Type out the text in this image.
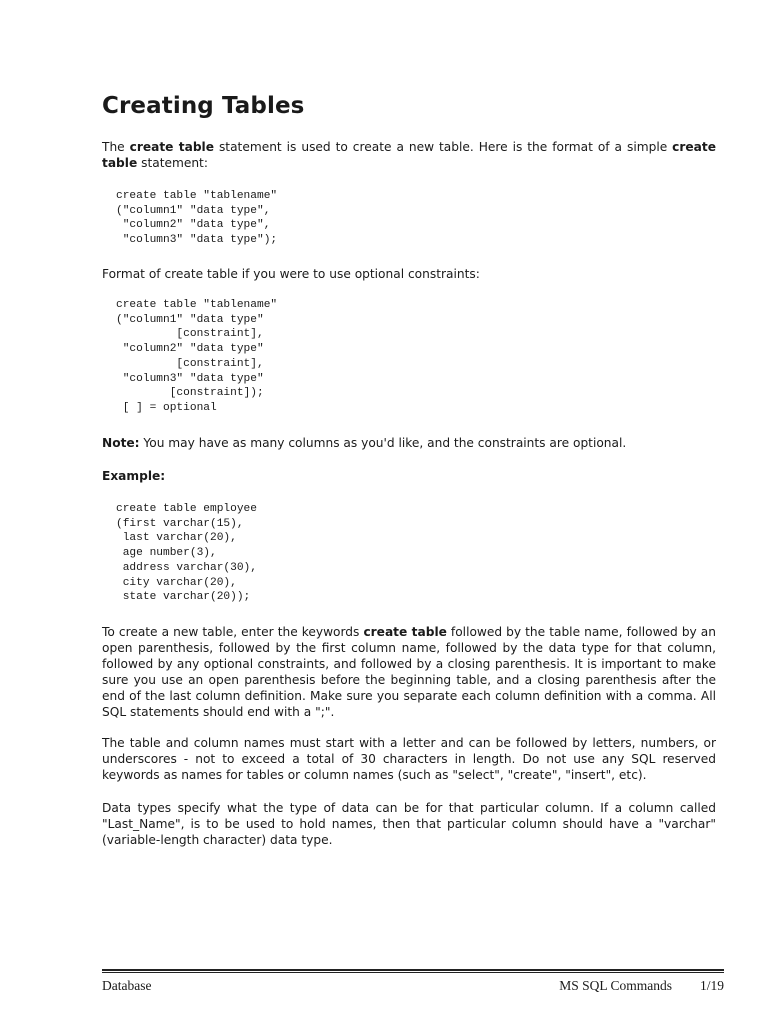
Creating Tables

The create table statement is used to create a new table. Here is the format of a simple create table statement:

create table "tablename"
("column1" "data type",
"column2" "data type",
"column3" "data type");

Format of create table if you were to use optional constraints:

create table "tablename"
("column1" "data type"
[constraint],
"column2" "data type"
[constraint],
"column3" "data type"
[constraint]);
[ ] = optional

Note: You may have as many columns as you'd like, and the constraints are optional.

Example:

create table employee
(first varchar(15),
last varchar(20),
age number(3),
address varchar(30),
city varchar(20),
state varchar(20));

To create a new table, enter the keywords create table followed by the table name, followed by an open parenthesis, followed by the first column name, followed by the data type for that column, followed by any optional constraints, and followed by a closing parenthesis. It is important to make sure you use an open parenthesis before the beginning table, and a closing parenthesis after the end of the last column definition. Make sure you separate each column definition with a comma. All SQL statements should end with a ";".

The table and column names must start with a letter and can be followed by letters, numbers, or underscores - not to exceed a total of 30 characters in length. Do not use any SQL reserved keywords as names for tables or column names (such as "select", "create", "insert", etc).

Data types specify what the type of data can be for that particular column. If a column called "Last_Name", is to be used to hold names, then that particular column should have a "varchar" (variable-length character) data type.

Database	MS SQL Commands 1/19
